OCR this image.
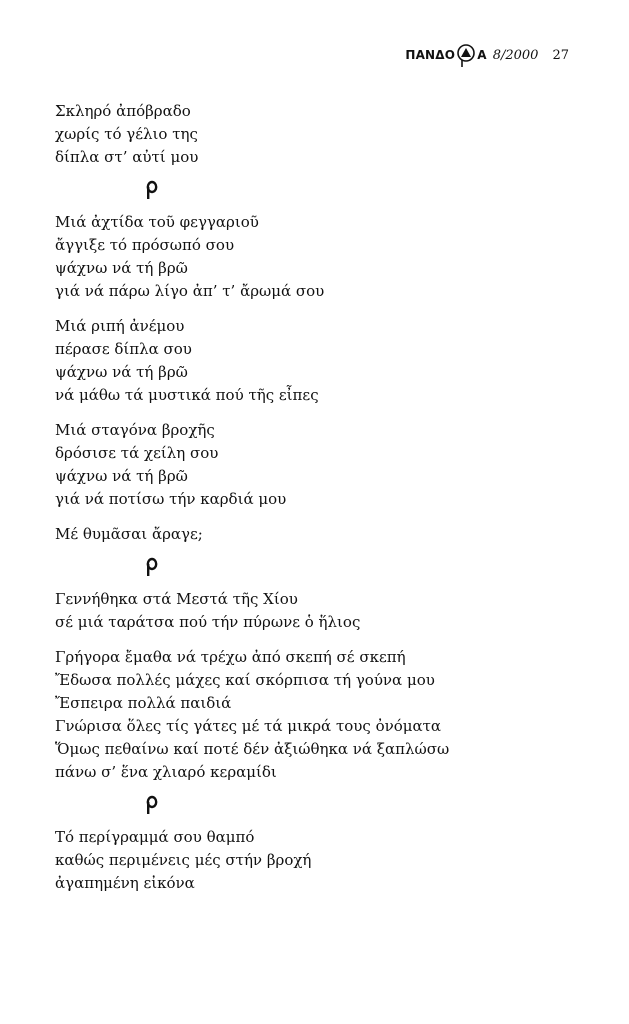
ΠΑΝΔΟ Α 8/2000 27
Σκληρό ἀπόβραδο
χωρίς τό γέλιο της
δίπλα στ’ αὐτί μου
Μιά ἀχτίδα τοῦ φεγγαριοῦ
ἄγγιξε τό πρόσωπό σου
ψάχνω νά τή βρῶ
γιά νά πάρω λίγο ἀπ’ τ’ ἄρωμά σου
Μιά ριπή ἀνέμου
πέρασε δίπλα σου
ψάχνω νά τή βρῶ
νά μάθω τά μυστικά πού τῆς εἶπες
Μιά σταγόνα βροχῆς
δρόσισε τά χείλη σου
ψάχνω νά τή βρῶ
γιά νά ποτίσω τήν καρδιά μου
Μέ θυμᾶσαι ἄραγε;
Γεννήθηκα στά Μεστά τῆς Χίου
σέ μιά ταράτσα πού τήν πύρωνε ὁ ἥλιος
Γρήγορα ἔμαθα νά τρέχω ἀπό σκεπή σέ σκεπή
Ἔδωσα πολλές μάχες καί σκόρπισα τή γούνα μου
Ἔσπειρα πολλά παιδιά
Γνώρισα ὅλες τίς γάτες μέ τά μικρά τους ὀνόματα
Ὅμως πεθαίνω καί ποτέ δέν ἀξιώθηκα νά ξαπλώσω
πάνω σ’ ἕνα χλιαρό κεραμίδι
Τό περίγραμμά σου θαμπό
καθώς περιμένεις μές στήν βροχή
ἀγαπημένη εἰκόνα
